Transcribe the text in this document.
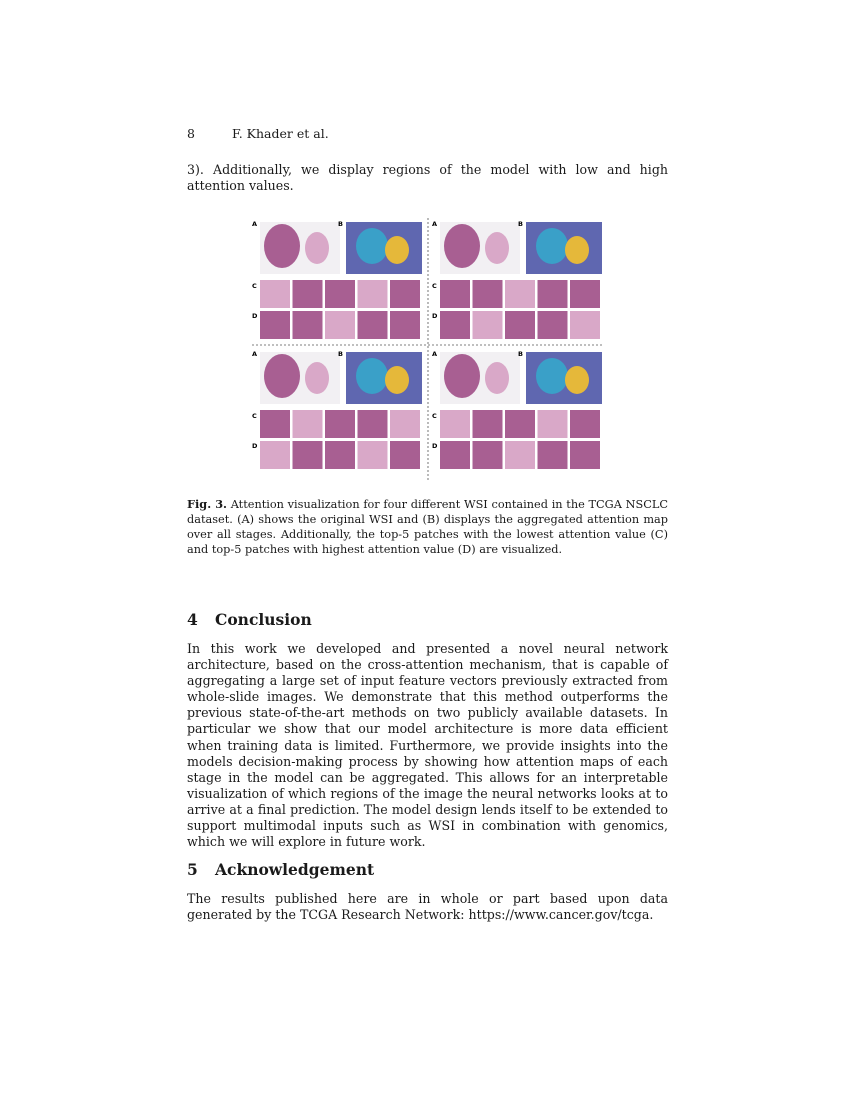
8	F. Khader et al.

3). Additionally, we display regions of the model with low and high attention values.

A	B
C
D
A	B
C
D
A	B
C
D
A	B
C
D

Fig. 3. Attention visualization for four different WSI contained in the TCGA NSCLC dataset. (A) shows the original WSI and (B) displays the aggregated attention map over all stages. Additionally, the top-5 patches with the lowest attention value (C) and top-5 patches with highest attention value (D) are visualized.

4 Conclusion

In this work we developed and presented a novel neural network architecture, based on the cross-attention mechanism, that is capable of aggregating a large set of input feature vectors previously extracted from whole-slide images. We demonstrate that this method outperforms the previous state-of-the-art methods on two publicly available datasets. In particular we show that our model architecture is more data efficient when training data is limited. Furthermore, we provide insights into the models decision-making process by showing how attention maps of each stage in the model can be aggregated. This allows for an interpretable visualization of which regions of the image the neural networks looks at to arrive at a final prediction. The model design lends itself to be extended to support multimodal inputs such as WSI in combination with genomics, which we will explore in future work.

5 Acknowledgement

The results published here are in whole or part based upon data generated by the TCGA Research Network: https://www.cancer.gov/tcga.
